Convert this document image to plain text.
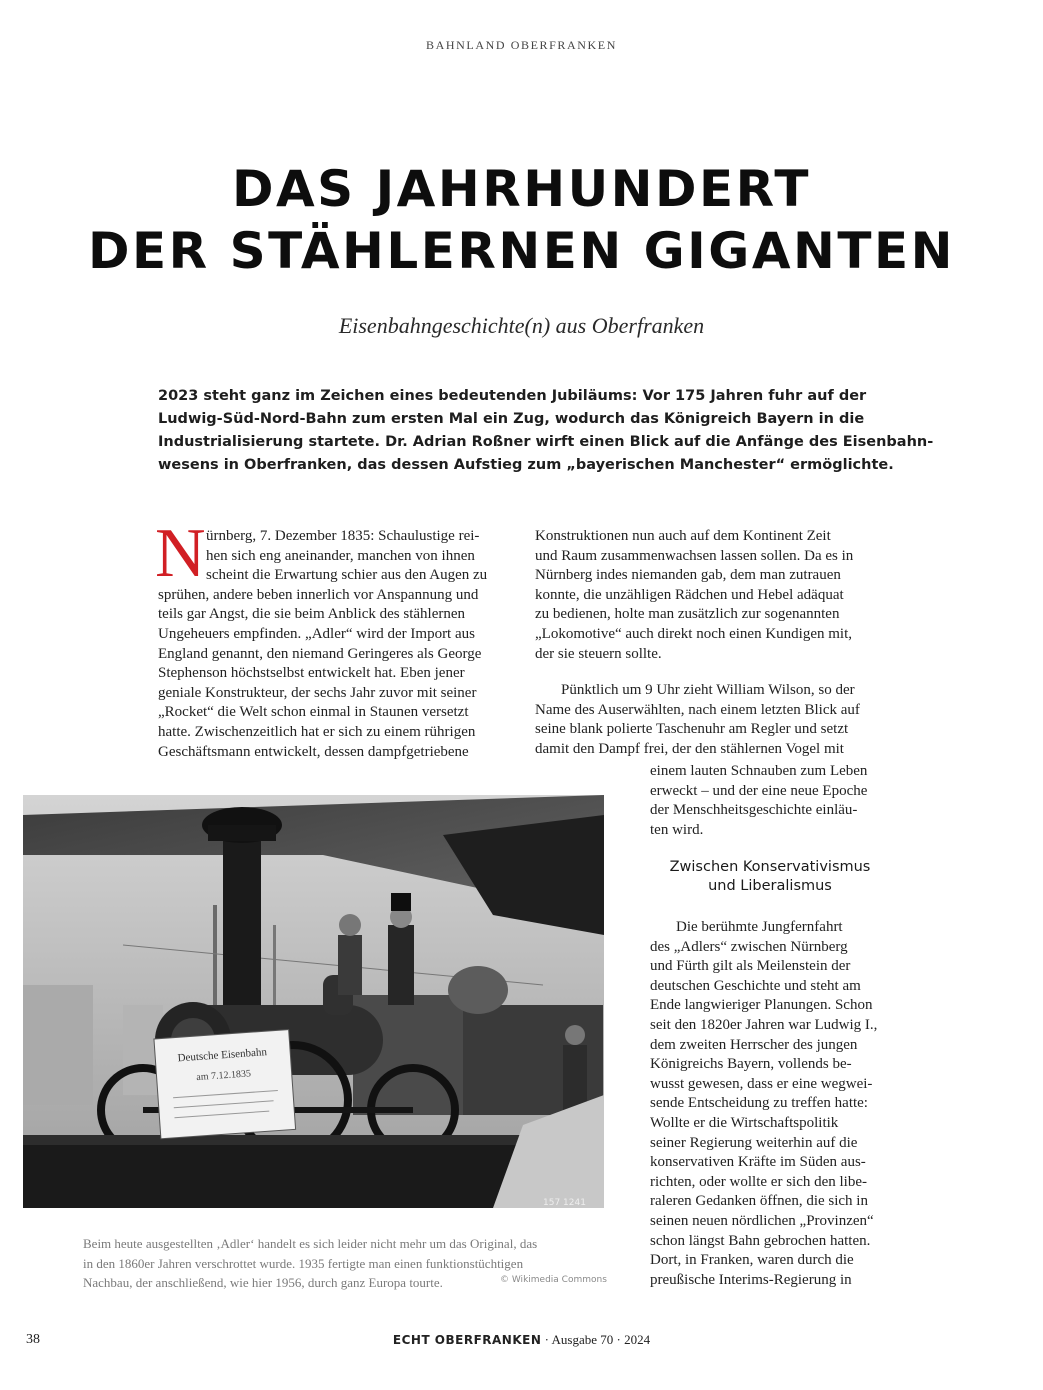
BAHNLAND OBERFRANKEN
DAS JAHRHUNDERT
DER STÄHLERNEN GIGANTEN
Eisenbahngeschichte(n) aus Oberfranken
2023 steht ganz im Zeichen eines bedeutenden Jubiläums: Vor 175 Jahren fuhr auf der
Ludwig-Süd-Nord-Bahn zum ersten Mal ein Zug, wodurch das Königreich Bayern in die
Industrialisierung startete. Dr. Adrian Roßner wirft einen Blick auf die Anfänge des Eisenbahn-
wesens in Oberfranken, das dessen Aufstieg zum „bayerischen Manchester“ ermöglichte.
N ürnberg, 7. Dezember 1835: Schaulustige rei-
hen sich eng aneinander, manchen von ihnen
scheint die Erwartung schier aus den Augen zu
sprühen, andere beben innerlich vor Anspannung und
teils gar Angst, die sie beim Anblick des stählernen
Ungeheuers empfinden. „Adler“ wird der Import aus
England genannt, den niemand Geringeres als George
Stephenson höchstselbst entwickelt hat. Eben jener
geniale Konstrukteur, der sechs Jahr zuvor mit seiner
„Rocket“ die Welt schon einmal in Staunen versetzt
hatte. Zwischenzeitlich hat er sich zu einem rührigen
Geschäftsmann entwickelt, dessen dampfgetriebene
Konstruktionen nun auch auf dem Kontinent Zeit
und Raum zusammenwachsen lassen sollen. Da es in
Nürnberg indes niemanden gab, dem man zutrauen
konnte, die unzähligen Rädchen und Hebel adäquat
zu bedienen, holte man zusätzlich zur sogenannten
„Lokomotive“ auch direkt noch einen Kundigen mit,
der sie steuern sollte.
Pünktlich um 9 Uhr zieht William Wilson, so der
Name des Auserwählten, nach einem letzten Blick auf
seine blank polierte Taschenuhr am Regler und setzt
damit den Dampf frei, der den stählernen Vogel mit
einem lauten Schnauben zum Leben
erweckt – und der eine neue Epoche
der Menschheitsgeschichte einläu-
ten wird.
Zwischen Konservativismus
und Liberalismus
Die berühmte Jungfernfahrt
des „Adlers“ zwischen Nürnberg
und Fürth gilt als Meilenstein der
deutschen Geschichte und steht am
Ende langwieriger Planungen. Schon
seit den 1820er Jahren war Ludwig I.,
dem zweiten Herrscher des jungen
Königreichs Bayern, vollends be-
wusst gewesen, dass er eine wegwei-
sende Entscheidung zu treffen hatte:
Wollte er die Wirtschaftspolitik
seiner Regierung weiterhin auf die
konservativen Kräfte im Süden aus-
richten, oder wollte er sich den libe-
raleren Gedanken öffnen, die sich in
seinen neuen nördlichen „Provinzen“
schon längst Bahn gebrochen hatten.
Dort, in Franken, waren durch die
preußische Interims-Regierung in
Deutsche Eisenbahn
am 7.12.1835
157 1241
Beim heute ausgestellten ‚Adler‘ handelt es sich leider nicht mehr um das Original, das
in den 1860er Jahren verschrottet wurde. 1935 fertigte man einen funktionstüchtigen
Nachbau, der anschließend, wie hier 1956, durch ganz Europa tourte.	© Wikimedia Commons
38	ECHT OBERFRANKEN · Ausgabe 70 · 2024
